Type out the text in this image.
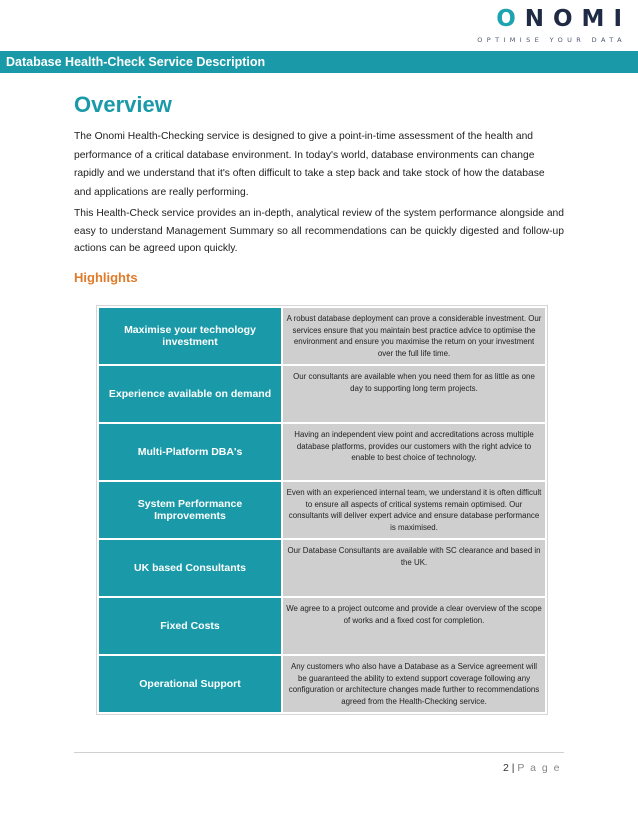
ONOMI
OPTIMISE YOUR DATA
Database Health-Check Service Description
Overview

The Onomi Health-Checking service is designed to give a point-in-time assessment of the health and performance of a critical database environment. In today's world, database environments can change rapidly and we understand that it's often difficult to take a step back and take stock of how the database and applications are really performing.

This Health-Check service provides an in-depth, analytical review of the system performance alongside and easy to understand Management Summary so all recommendations can be quickly digested and follow-up actions can be agreed upon quickly.

Highlights
Maximise your technology investment
A robust database deployment can prove a considerable investment. Our services ensure that you maintain best practice advice to optimise the environment and ensure you maximise the return on your investment over the full life time.
Experience available on demand
Our consultants are available when you need them for as little as one day to supporting long term projects.
Multi-Platform DBA's
Having an independent view point and accreditations across multiple database platforms, provides our customers with the right advice to enable to best choice of technology.
System Performance Improvements
Even with an experienced internal team, we understand it is often difficult to ensure all aspects of critical systems remain optimised. Our consultants will deliver expert advice and ensure database performance is maximised.
UK based Consultants
Our Database Consultants are available with SC clearance and based in the UK.
Fixed Costs
We agree to a project outcome and provide a clear overview of the scope of works and a fixed cost for completion.
Operational Support
Any customers who also have a Database as a Service agreement will be guaranteed the ability to extend support coverage following any configuration or architecture changes made further to recommendations agreed from the Health-Checking service.
2 | P a g e
